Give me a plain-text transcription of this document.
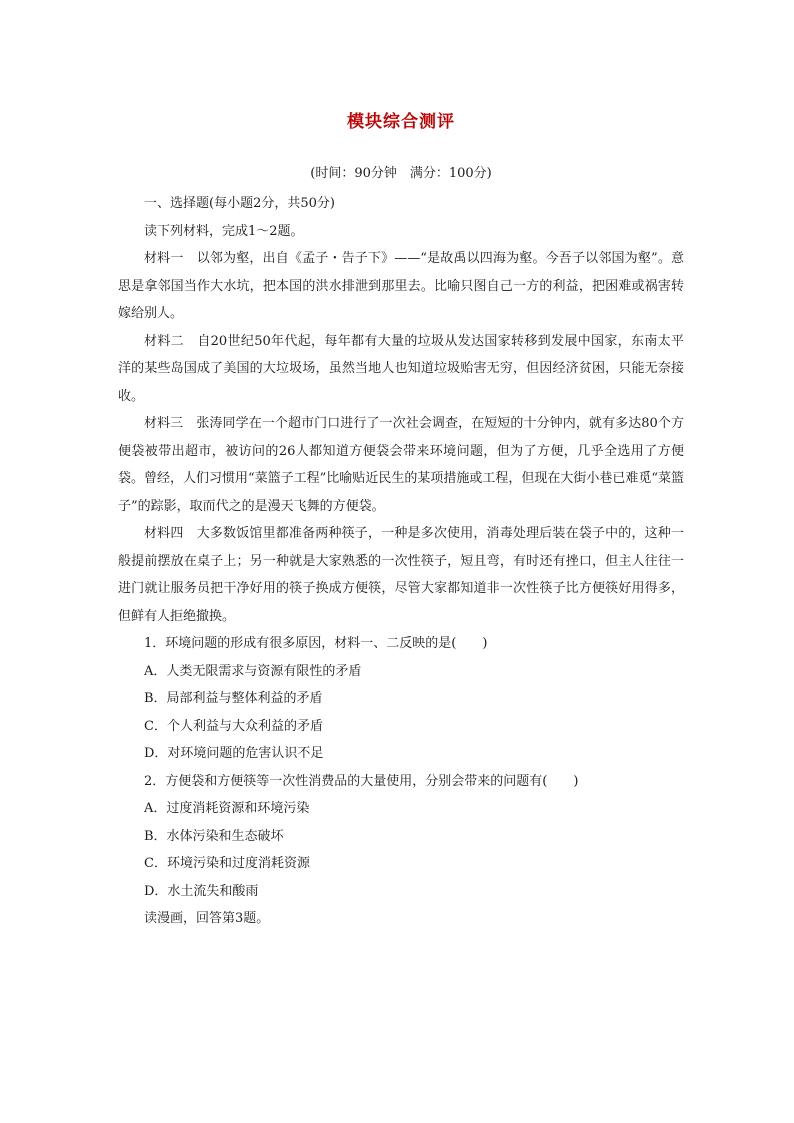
模块综合测评
(时间：90分钟　满分：100分)

一、选择题(每小题2分，共50分)

读下列材料，完成1～2题。

材料一　以邻为壑，出自《孟子・告子下》——“是故禹以四海为壑。今吾子以邻国为壑”。意思是拿邻国当作大水坑，把本国的洪水排泄到那里去。比喻只图自己一方的利益，把困难或祸害转嫁给别人。

材料二　自20世纪50年代起，每年都有大量的垃圾从发达国家转移到发展中国家，东南太平洋的某些岛国成了美国的大垃圾场，虽然当地人也知道垃圾贻害无穷，但因经济贫困，只能无奈接收。

材料三　张涛同学在一个超市门口进行了一次社会调查，在短短的十分钟内，就有多达80个方便袋被带出超市，被访问的26人都知道方便袋会带来环境问题，但为了方便，几乎全选用了方便袋。曾经，人们习惯用“菜篮子工程”比喻贴近民生的某项措施或工程，但现在大街小巷已难觅“菜篮子”的踪影，取而代之的是漫天飞舞的方便袋。

材料四　大多数饭馆里都准备两种筷子，一种是多次使用，消毒处理后装在袋子中的，这种一般提前摆放在桌子上；另一种就是大家熟悉的一次性筷子，短且弯，有时还有挫口，但主人往往一进门就让服务员把干净好用的筷子换成方便筷，尽管大家都知道非一次性筷子比方便筷好用得多，但鲜有人拒绝撤换。

1．环境问题的形成有很多原因，材料一、二反映的是(　　)

A．人类无限需求与资源有限性的矛盾

B．局部利益与整体利益的矛盾

C．个人利益与大众利益的矛盾

D．对环境问题的危害认识不足

2．方便袋和方便筷等一次性消费品的大量使用，分别会带来的问题有(　　)

A．过度消耗资源和环境污染

B．水体污染和生态破坏

C．环境污染和过度消耗资源

D．水土流失和酸雨

读漫画，回答第3题。
